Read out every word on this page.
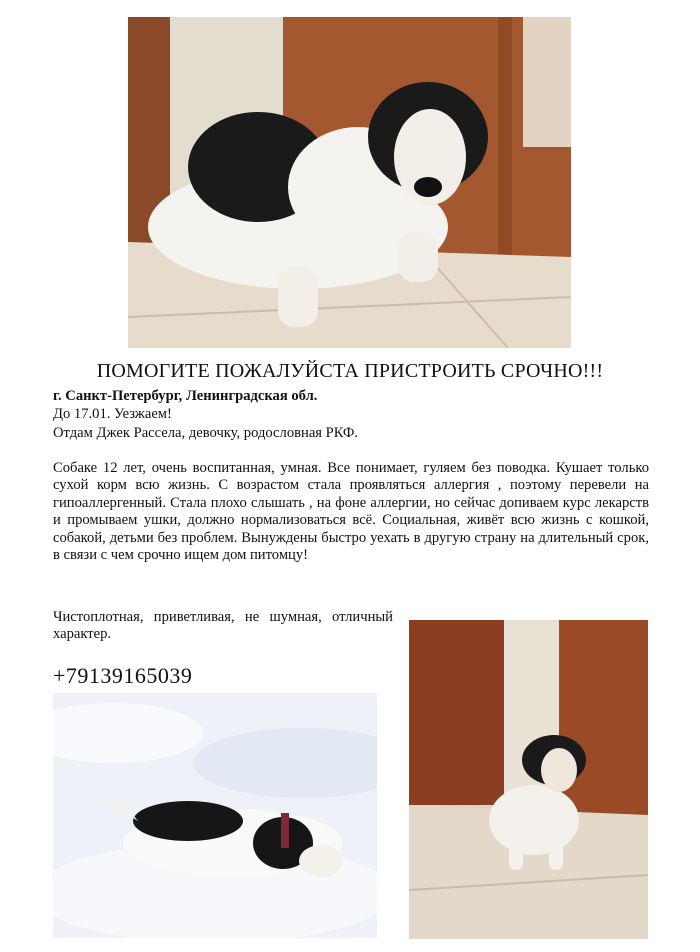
ПОМОГИТЕ ПОЖАЛУЙСТА ПРИСТРОИТЬ СРОЧНО!!!
г. Санкт-Петербург, Ленинградская обл.
До 17.01. Уезжаем!
Отдам Джек Рассела, девочку, родословная РКФ.

Собаке 12 лет, очень воспитанная, умная. Все понимает, гуляем без поводка. Кушает только сухой корм всю жизнь. С возрастом стала проявляться аллергия , поэтому перевели на гипоаллергенный. Стала плохо слышать , на фоне аллергии, но сейчас допиваем курс лекарств и промываем ушки, должно нормализоваться всё. Социальная, живёт всю жизнь с кошкой, собакой, детьми без проблем. Вынуждены быстро уехать в другую страну на длительный срок, в связи с чем срочно ищем дом питомцу!

Чистоплотная, приветливая, не шумная, отличный характер.

+79139165039
